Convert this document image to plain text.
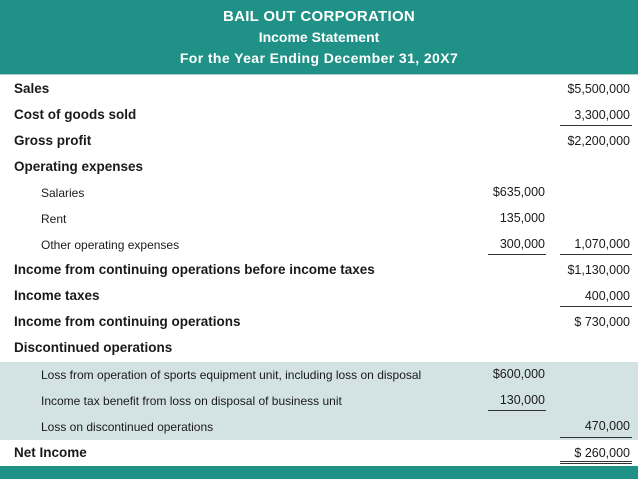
BAIL OUT CORPORATION
Income Statement
For the Year Ending December 31, 20X7
Sales	$5,500,000
Cost of goods sold	3,300,000
Gross profit	$2,200,000
Operating expenses
Salaries	$635,000
Rent	135,000
Other operating expenses	300,000	1,070,000
Income from continuing operations before income taxes	$1,130,000
Income taxes	400,000
Income from continuing operations	$ 730,000
Discontinued operations
Loss from operation of sports equipment unit, including loss on disposal	$600,000
Income tax benefit from loss on disposal of business unit	130,000
Loss on discontinued operations	470,000
Net Income	$ 260,000
